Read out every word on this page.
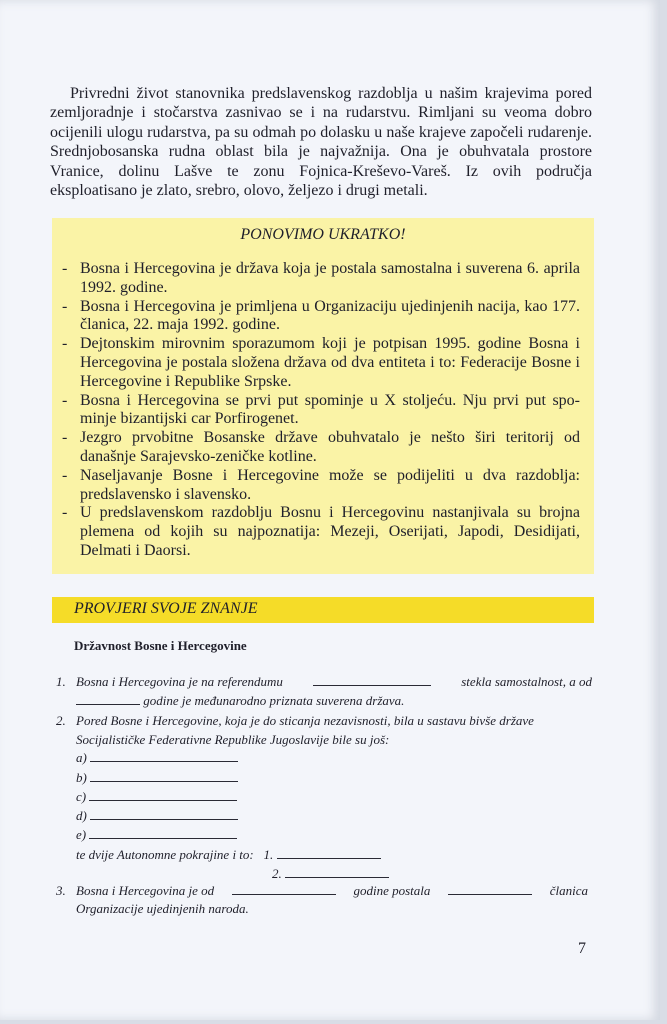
Privredni život stanovnika predslavenskog razdoblja u našim krajevima pored zemljoradnje i stočarstva zasnivao se i na rudarstvu. Rimljani su veoma dobro ocijenili ulogu rudarstva, pa su odmah po dolasku u naše krajeve započeli rudarenje. Srednjobosanska rudna oblast bila je najvažnija. Ona je obuhvatala prostore Vranice, dolinu Lašve te zonu Fojnica-Kreševo-Vareš. Iz ovih područja eksploatisano je zlato, srebro, olovo, željezo i drugi metali.

PONOVIMO UKRATKO!
- Bosna i Hercegovina je država koja je postala samostalna i suverena 6. aprila 1992. godine.
- Bosna i Hercegovina je primljena u Organizaciju ujedinjenih nacija, kao 177. članica, 22. maja 1992. godine.
- Dejtonskim mirovnim sporazumom koji je potpisan 1995. godine Bosna i Hercegovina je postala složena država od dva entiteta i to: Federacije Bosne i Hercegovine i Republike Srpske.
- Bosna i Hercegovina se prvi put spominje u X stoljeću. Nju prvi put spo-minje bizantijski car Porfirogenet.
- Jezgro prvobitne Bosanske države obuhvatalo je nešto širi teritorij od današnje Sarajevsko-zeničke kotline.
- Naseljavanje Bosne i Hercegovine može se podijeliti u dva razdoblja: predslavensko i slavensko.
- U predslavenskom razdoblju Bosnu i Hercegovinu nastanjivala su brojna plemena od kojih su najpoznatija: Mezeji, Oserijati, Japodi, Desidijati, Delmati i Daorsi.
PROVJERI SVOJE ZNANJE
Državnost Bosne i Hercegovine
1. Bosna i Hercegovina je na referendumu	stekla samostalnost, a od
godine je međunarodno priznata suverena država.
2. Pored Bosne i Hercegovine, koja je do sticanja nezavisnosti, bila u sastavu bivše države
Socijalističke Federativne Republike Jugoslavije bile su još:
a)
b)
c)
d)
e)
te dvije Autonomne pokrajine i to: 1.
2.
3. Bosna i Hercegovina je od	godine postala	članica
Organizacije ujedinjenih naroda.
7
